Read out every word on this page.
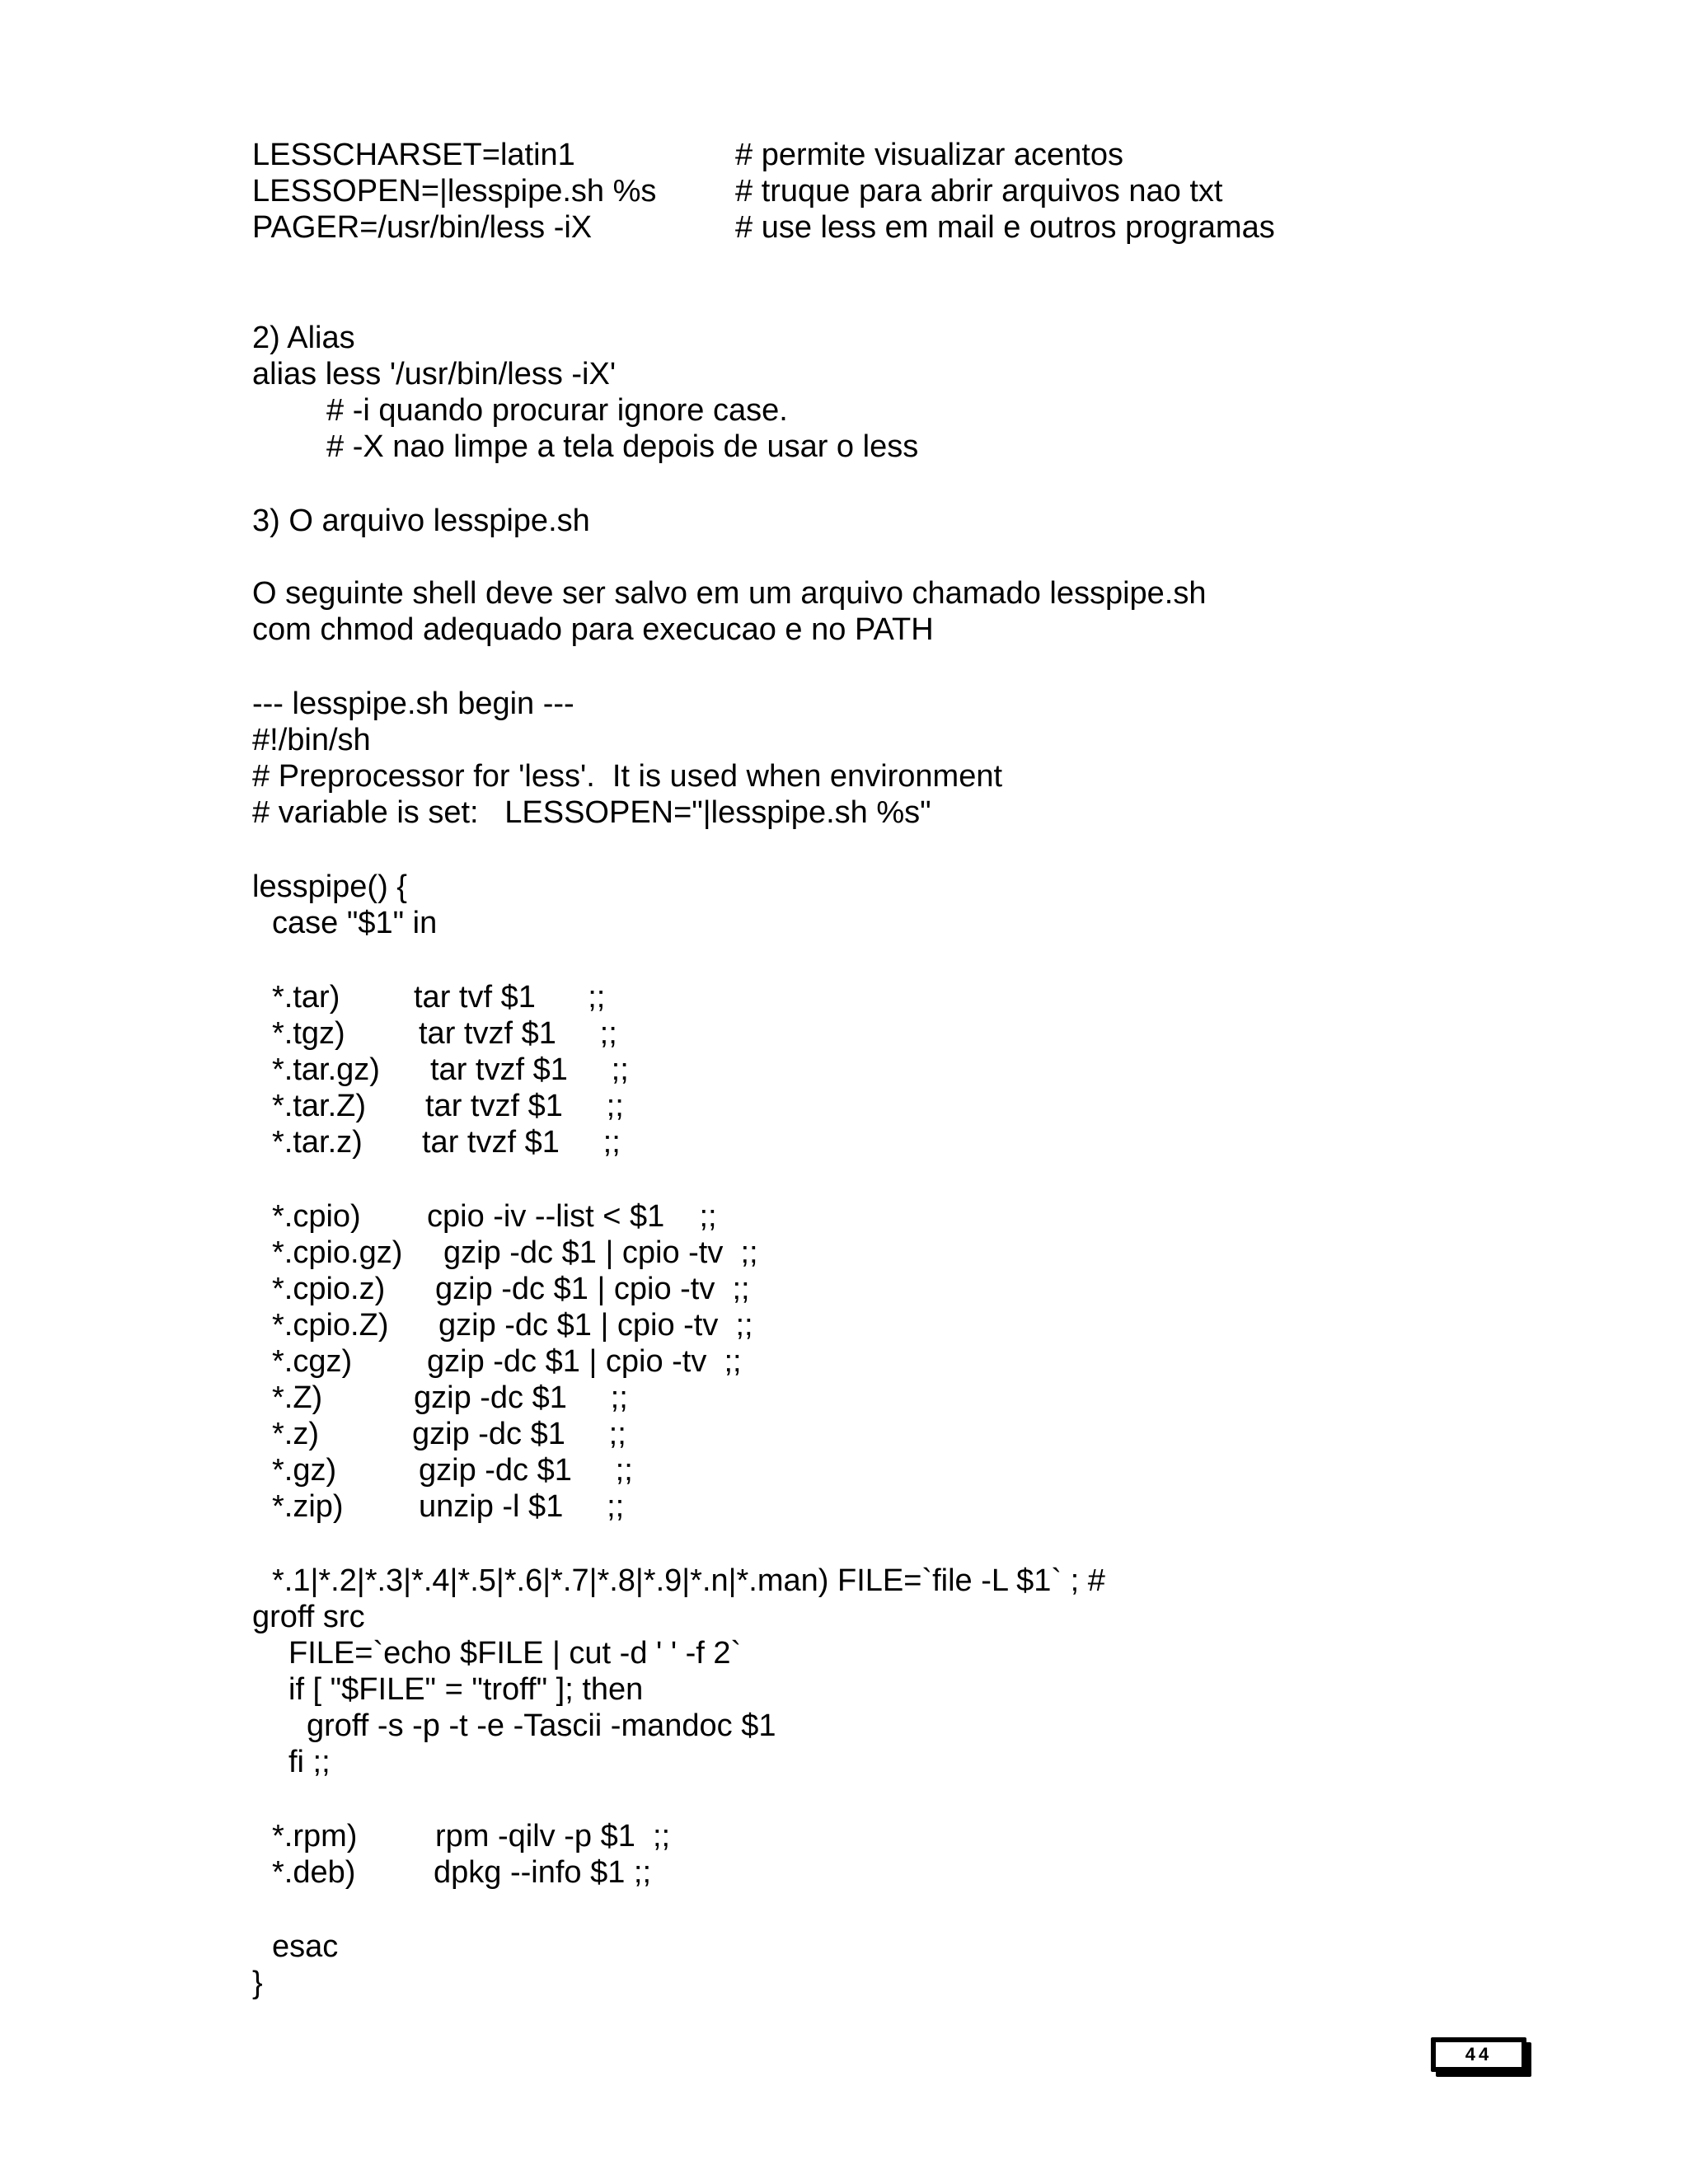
LESSCHARSET=latin1	# permite visualizar acentos
LESSOPEN=|lesspipe.sh %s	# truque para abrir arquivos nao txt
PAGER=/usr/bin/less -iX	# use less em mail e outros programas
2) Alias
alias less '/usr/bin/less -iX'
# -i quando procurar ignore case.
# -X nao limpe a tela depois de usar o less
3) O arquivo lesspipe.sh
O seguinte shell deve ser salvo em um arquivo chamado lesspipe.sh
com chmod adequado para execucao e no PATH
--- lesspipe.sh begin ---
#!/bin/sh
# Preprocessor for 'less'.  It is used when environment
# variable is set:   LESSOPEN="|lesspipe.sh %s"
lesspipe() {
case "$1" in
*.tar) tar tvf $1      ;;
*.tgz) tar tvzf $1     ;;
*.tar.gz) tar tvzf $1     ;;
*.tar.Z) tar tvzf $1     ;;
*.tar.z) tar tvzf $1     ;;
*.cpio) cpio -iv --list < $1    ;;
*.cpio.gz) gzip -dc $1 | cpio -tv  ;;
*.cpio.z) gzip -dc $1 | cpio -tv  ;;
*.cpio.Z) gzip -dc $1 | cpio -tv  ;;
*.cgz) gzip -dc $1 | cpio -tv  ;;
*.Z)	gzip -dc $1     ;;
*.z)	gzip -dc $1     ;;
*.gz)	gzip -dc $1     ;;
*.zip) unzip -l $1     ;;
*.1|*.2|*.3|*.4|*.5|*.6|*.7|*.8|*.9|*.n|*.man) FILE=`file -L $1` ; #
groff src
FILE=`echo $FILE | cut -d ' ' -f 2`
if [ "$FILE" = "troff" ]; then
groff -s -p -t -e -Tascii -mandoc $1
fi ;;
*.rpm) rpm -qilv -p $1  ;;
*.deb) dpkg --info $1 ;;
esac
}
44
